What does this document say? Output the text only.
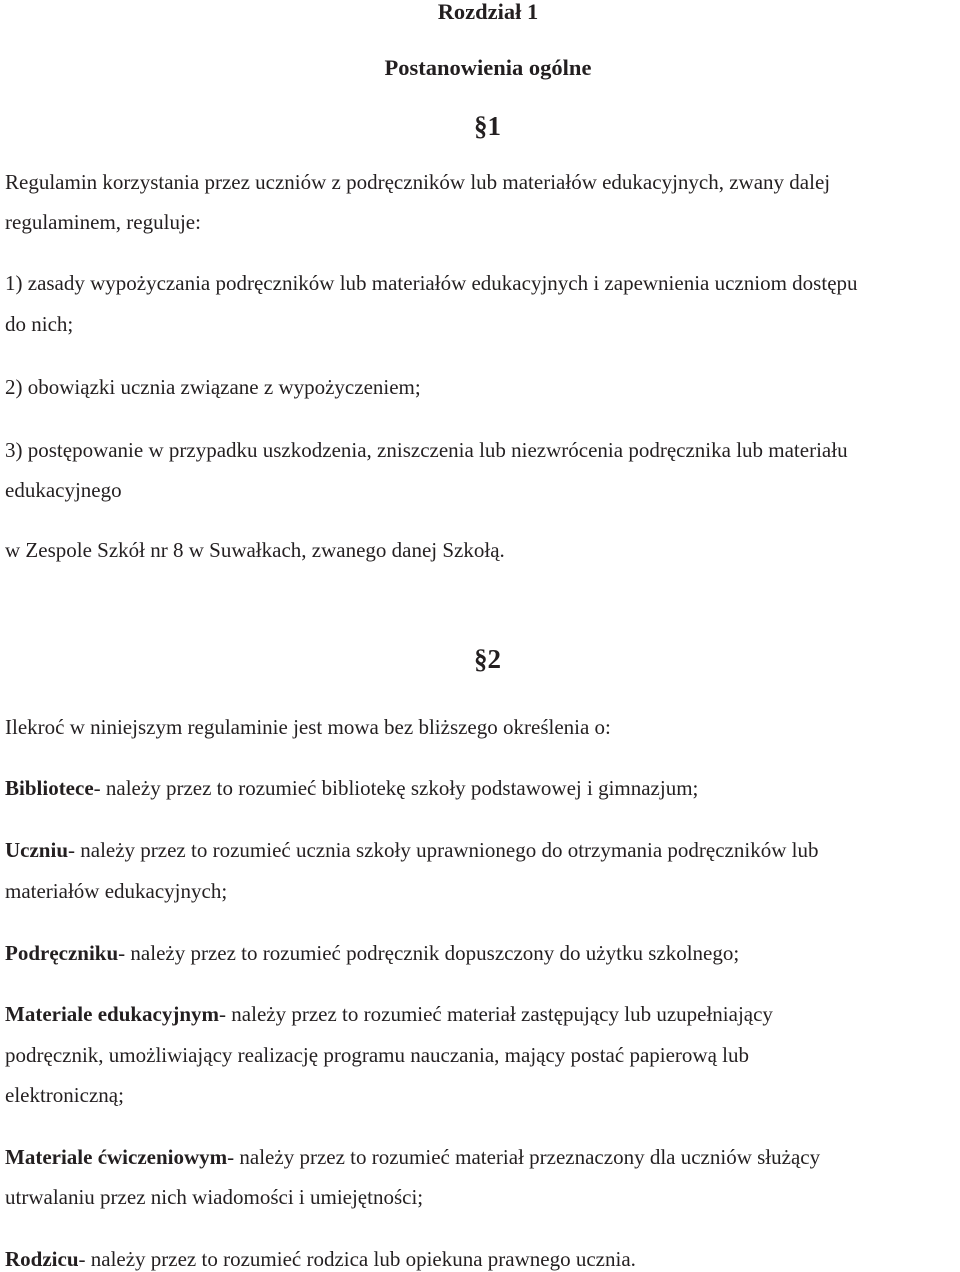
Rozdział 1
Postanowienia ogólne
§1
Regulamin korzystania przez uczniów z podręczników lub materiałów edukacyjnych, zwany dalej
regulaminem, reguluje:
1) zasady wypożyczania podręczników lub materiałów edukacyjnych i zapewnienia uczniom dostępu
do nich;
2) obowiązki ucznia związane z wypożyczeniem;
3) postępowanie w przypadku uszkodzenia, zniszczenia lub niezwrócenia podręcznika lub materiału
edukacyjnego
w Zespole Szkół nr 8 w Suwałkach, zwanego danej Szkołą.
§2
Ilekroć w niniejszym regulaminie jest mowa bez bliższego określenia o:
Bibliotece- należy przez to rozumieć bibliotekę szkoły podstawowej i gimnazjum;
Uczniu- należy przez to rozumieć ucznia szkoły uprawnionego do otrzymania podręczników lub
materiałów edukacyjnych;
Podręczniku- należy przez to rozumieć podręcznik dopuszczony do użytku szkolnego;
Materiale edukacyjnym- należy przez to rozumieć materiał zastępujący lub uzupełniający
podręcznik, umożliwiający realizację programu nauczania, mający postać papierową lub
elektroniczną;
Materiale ćwiczeniowym- należy przez to rozumieć materiał przeznaczony dla uczniów służący
utrwalaniu przez nich wiadomości i umiejętności;
Rodzicu- należy przez to rozumieć rodzica lub opiekuna prawnego ucznia.
